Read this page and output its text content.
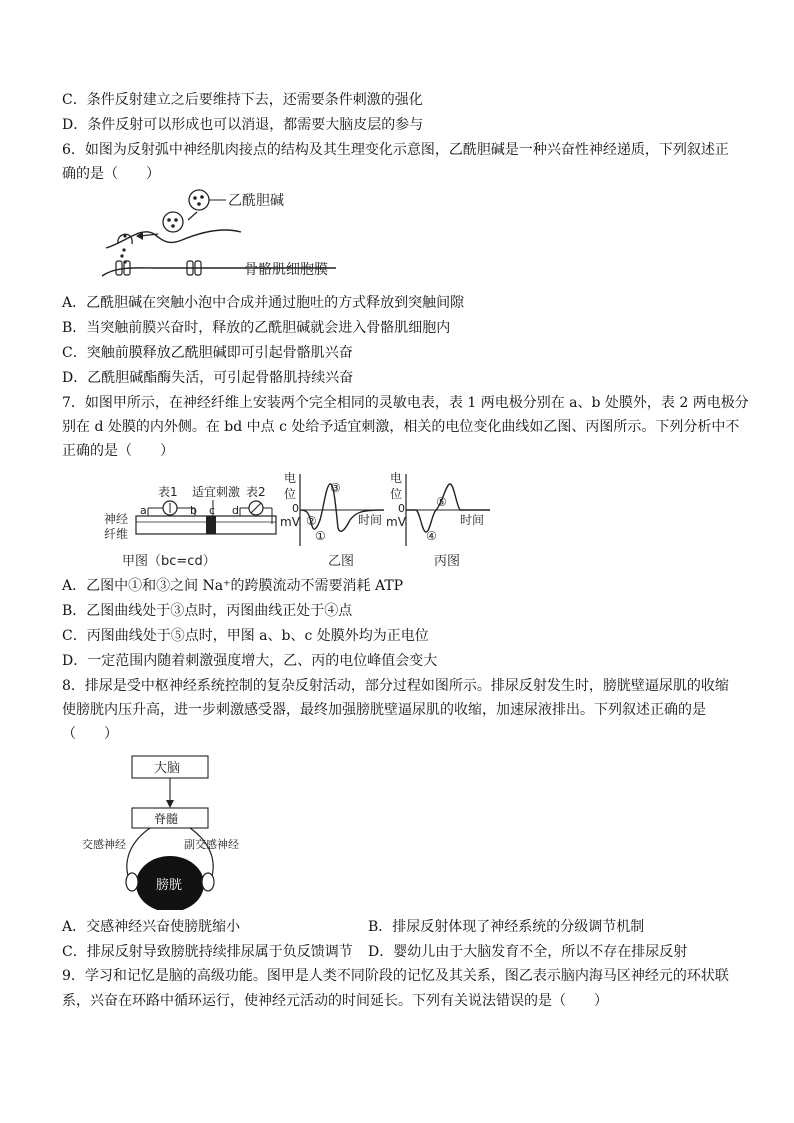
C．条件反射建立之后要维持下去，还需要条件刺激的强化
D．条件反射可以形成也可以消退，都需要大脑皮层的参与
6．如图为反射弧中神经肌肉接点的结构及其生理变化示意图，乙酰胆碱是一种兴奋性神经递质，下列叙述正
确的是（　　）
乙酰胆碱
骨骼肌细胞膜
A．乙酰胆碱在突触小泡中合成并通过胞吐的方式释放到突触间隙
B．当突触前膜兴奋时，释放的乙酰胆碱就会进入骨骼肌细胞内
C．突触前膜释放乙酰胆碱即可引起骨骼肌兴奋
D．乙酰胆碱酯酶失活，可引起骨骼肌持续兴奋
7．如图甲所示，在神经纤维上安装两个完全相同的灵敏电表，表 1 两电极分别在 a、b 处膜外，表 2 两电极分
别在 d 处膜的内外侧。在 bd 中点 c 处给予适宜刺激，相关的电位变化曲线如乙图、丙图所示。下列分析中不
正确的是（　　）
神经
纤维
表1
a	b
适宜刺激
c
表2
d
甲图（bc=cd）
电
位
0
mV
③
②
①
时间
乙图
电
位
0
mV
⑤
④
时间
丙图
A．乙图中①和③之间 Na⁺的跨膜流动不需要消耗 ATP
B．乙图曲线处于③点时，丙图曲线正处于④点
C．丙图曲线处于⑤点时，甲图 a、b、c 处膜外均为正电位
D．一定范围内随着刺激强度增大，乙、丙的电位峰值会变大
8．排尿是受中枢神经系统控制的复杂反射活动，部分过程如图所示。排尿反射发生时，膀胱壁逼尿肌的收缩
使膀胱内压升高，进一步刺激感受器，最终加强膀胱壁逼尿肌的收缩，加速尿液排出。下列叙述正确的是
（　　）
大脑
脊髓
交感神经	副交感神经
膀胱
A．交感神经兴奋使膀胱缩小	B．排尿反射体现了神经系统的分级调节机制
C．排尿反射导致膀胱持续排尿属于负反馈调节 D．婴幼儿由于大脑发育不全，所以不存在排尿反射
9．学习和记忆是脑的高级功能。图甲是人类不同阶段的记忆及其关系，图乙表示脑内海马区神经元的环状联
系，兴奋在环路中循环运行，使神经元活动的时间延长。下列有关说法错误的是（　　）
